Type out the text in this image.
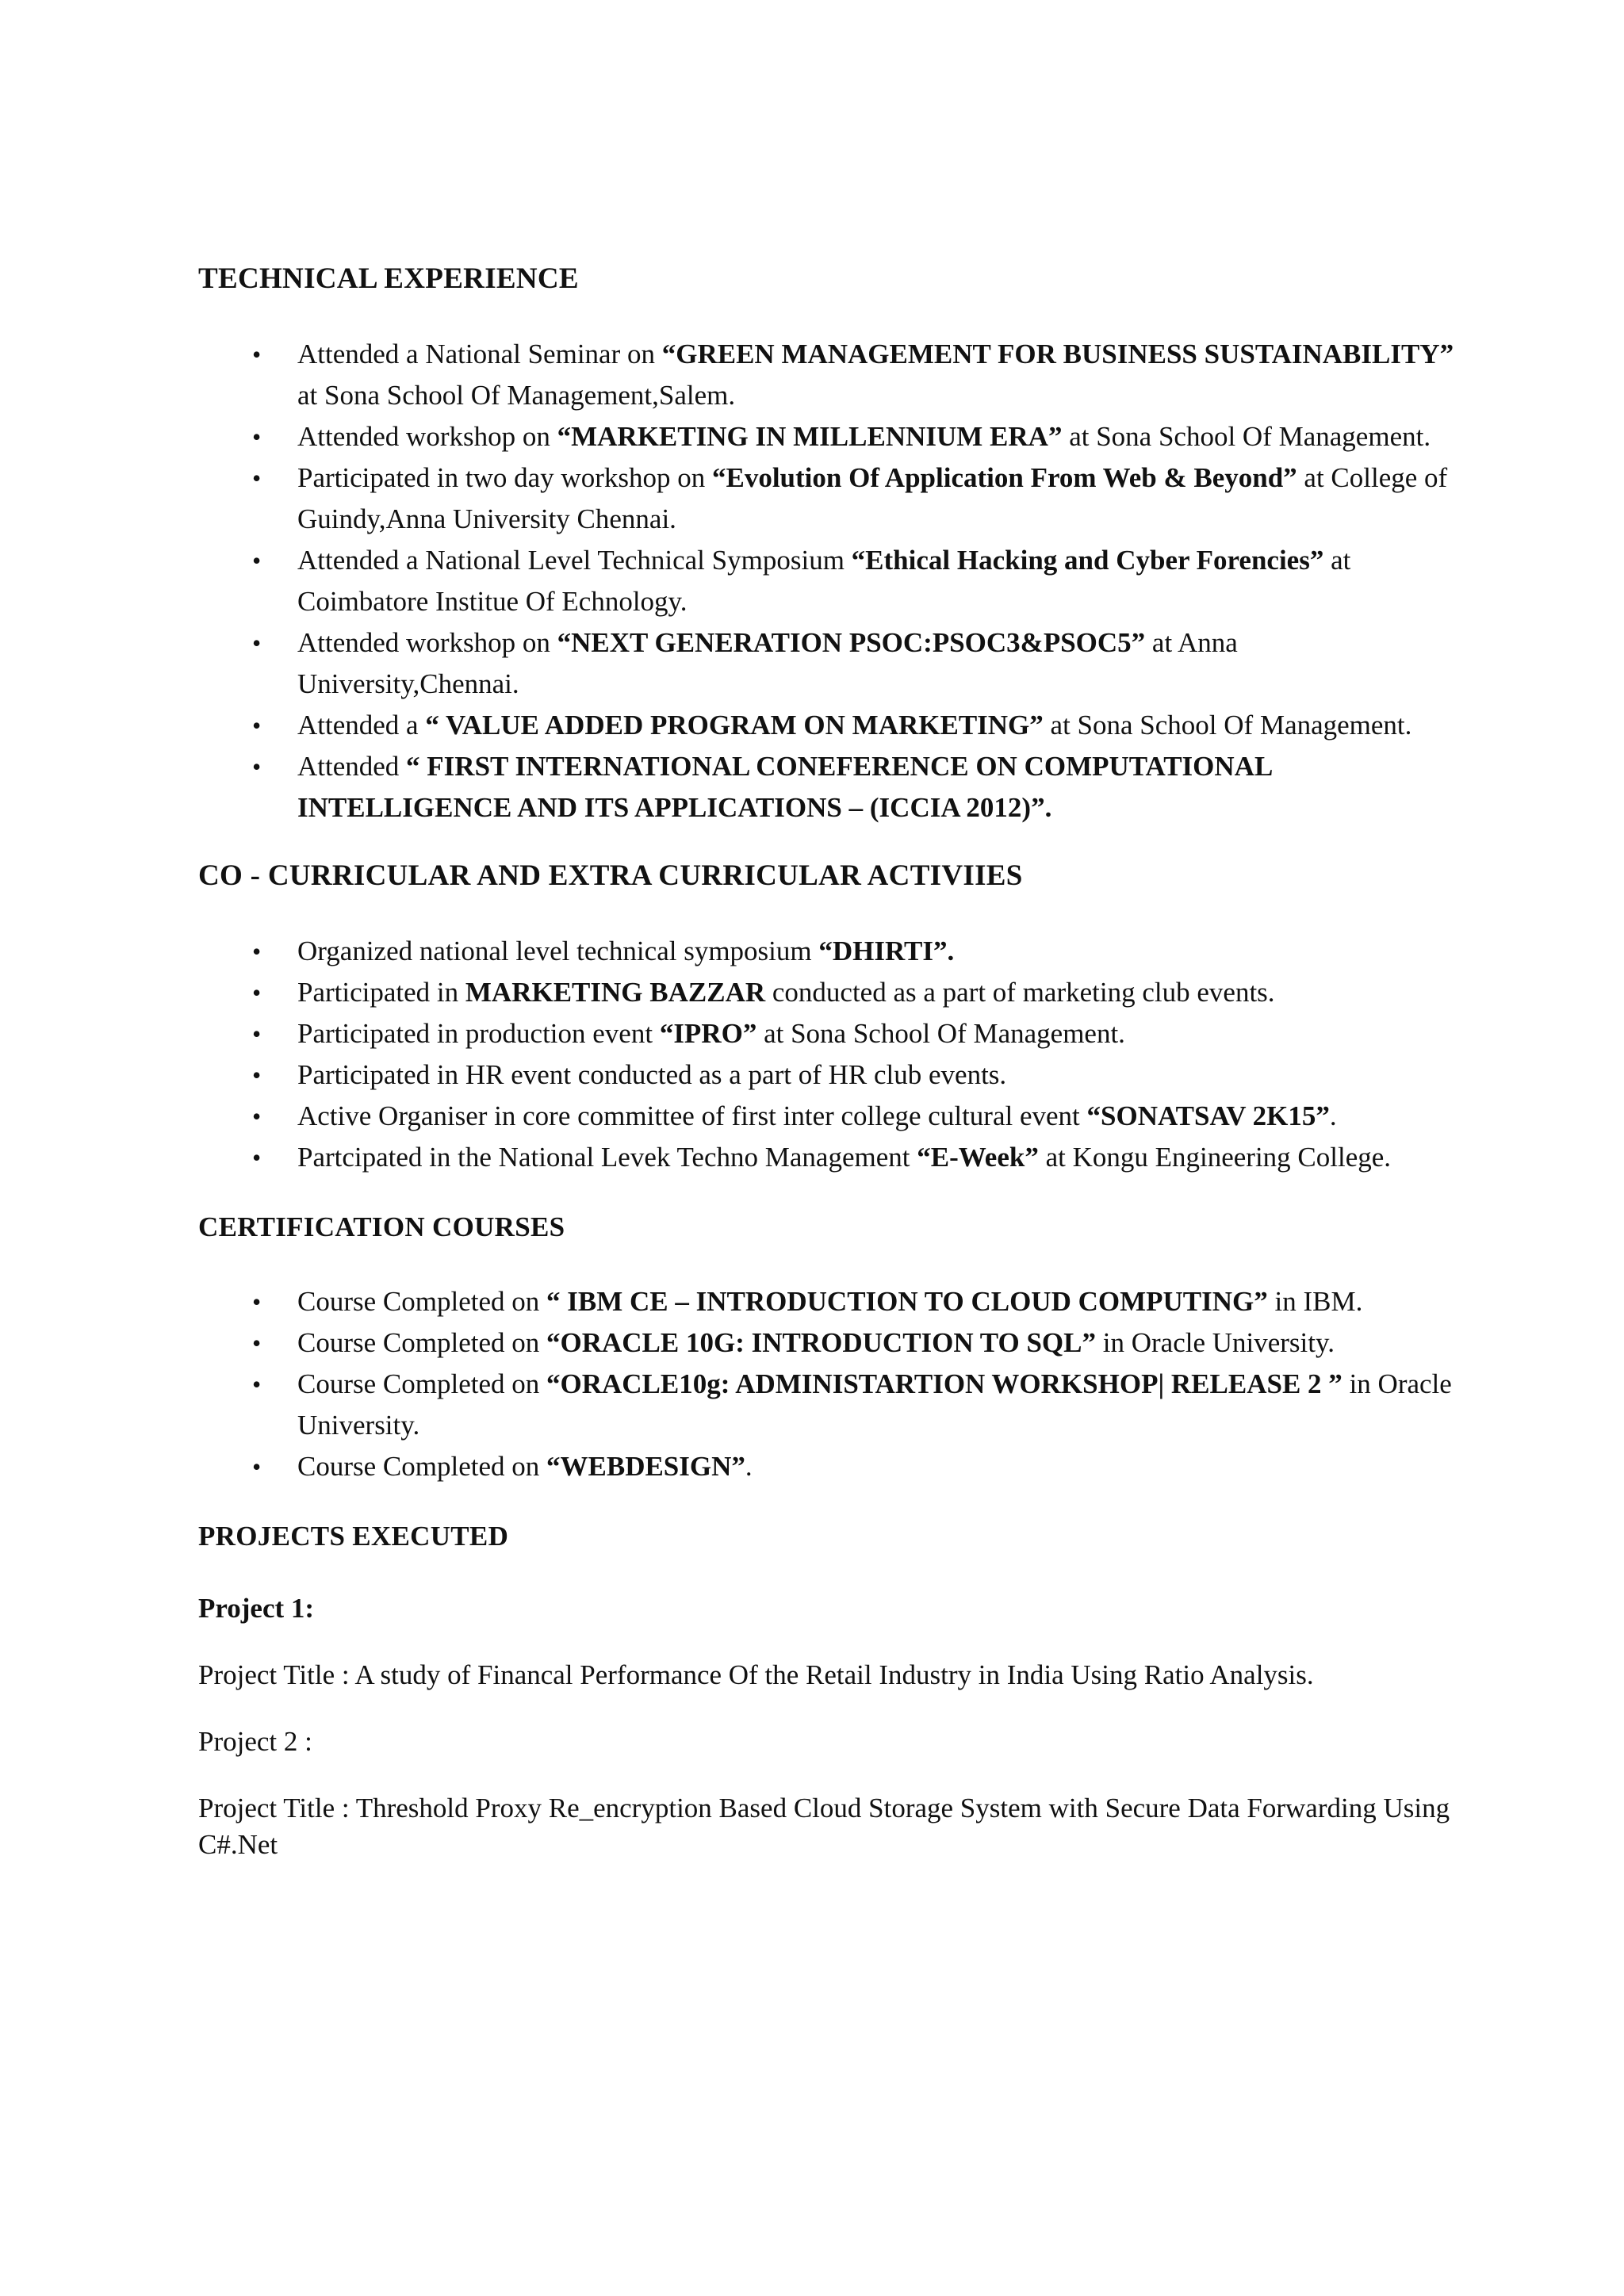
TECHNICAL EXPERIENCE
• Attended a National Seminar on “GREEN MANAGEMENT FOR BUSINESS SUSTAINABILITY” at Sona School Of Management,Salem.
• Attended workshop on “MARKETING IN MILLENNIUM ERA” at Sona School Of Management.
• Participated in two day workshop on “Evolution Of Application From Web & Beyond” at College of Guindy,Anna University Chennai.
• Attended a National Level Technical Symposium “Ethical Hacking and Cyber Forencies” at Coimbatore Institue Of Echnology.
• Attended workshop on “NEXT GENERATION PSOC:PSOC3&PSOC5” at Anna University,Chennai.
• Attended a “ VALUE ADDED PROGRAM ON MARKETING” at Sona School Of Management.
• Attended “ FIRST INTERNATIONAL CONEFERENCE ON COMPUTATIONAL INTELLIGENCE AND ITS APPLICATIONS – (ICCIA 2012)”.
CO - CURRICULAR AND EXTRA CURRICULAR ACTIVIIES
• Organized national level technical symposium “DHIRTI”.
• Participated in MARKETING BAZZAR conducted as a part of marketing club events.
• Participated in production event “IPRO” at Sona School Of Management.
• Participated in HR event conducted as a part of HR club events.
• Active Organiser in core committee of first inter college cultural event “SONATSAV 2K15”.
• Partcipated in the National Levek Techno Management “E-Week” at Kongu Engineering College.
CERTIFICATION COURSES
• Course Completed on “ IBM CE – INTRODUCTION TO CLOUD COMPUTING” in IBM.
• Course Completed on “ORACLE 10G: INTRODUCTION TO SQL” in Oracle University.
• Course Completed on “ORACLE10g: ADMINISTARTION WORKSHOP| RELEASE 2 ” in Oracle University.
• Course Completed on “WEBDESIGN”.
PROJECTS EXECUTED

Project 1:

Project Title : A study of Financal Performance Of the Retail Industry in India Using Ratio Analysis.

Project 2 :

Project Title : Threshold Proxy Re_encryption Based Cloud Storage System with Secure Data Forwarding Using C#.Net
